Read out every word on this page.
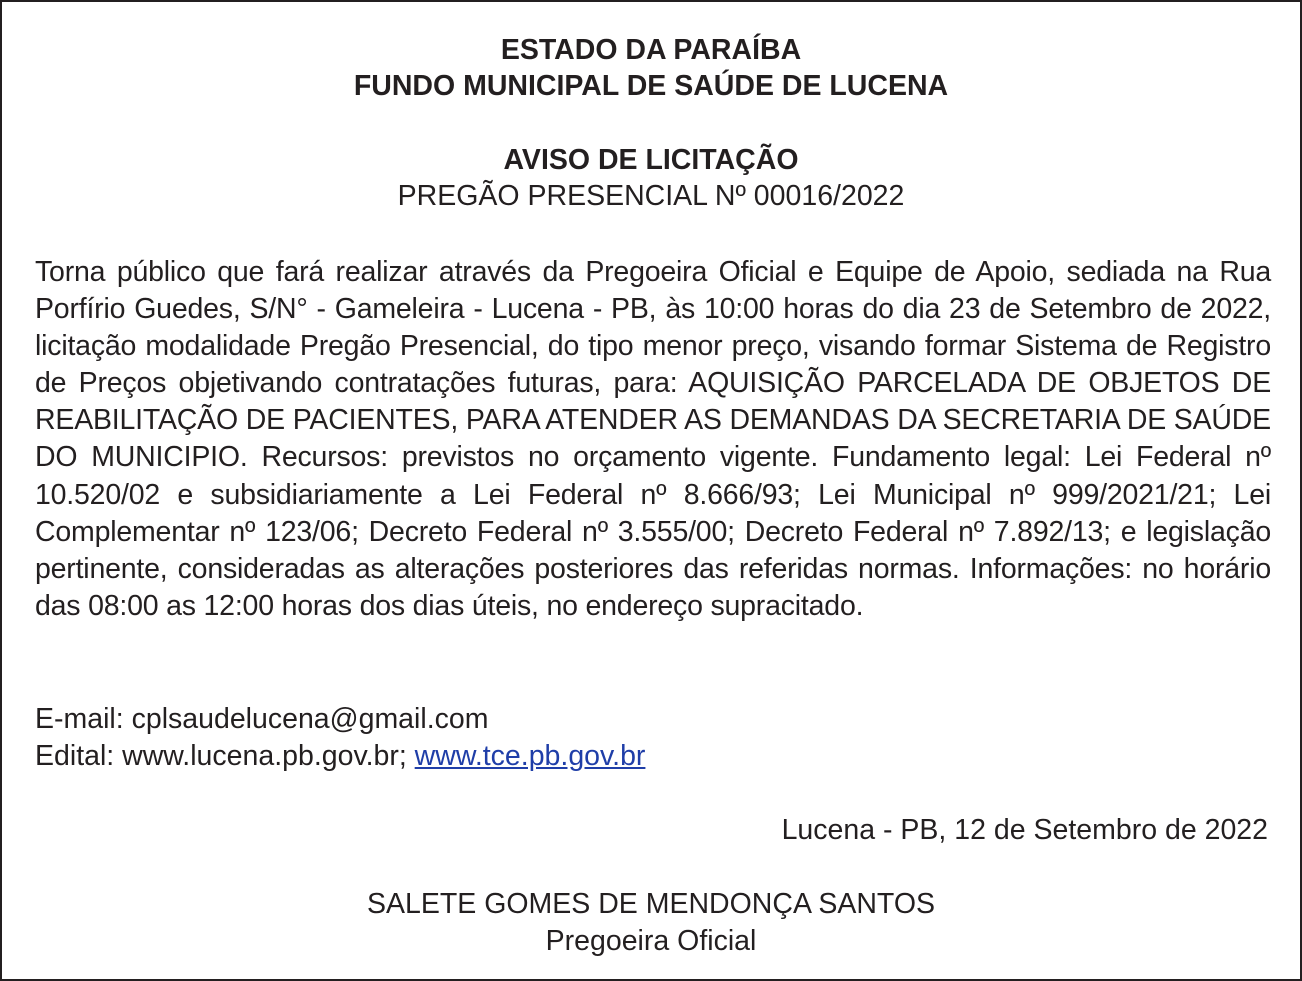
ESTADO DA PARAÍBA
FUNDO MUNICIPAL DE SAÚDE DE LUCENA
AVISO DE LICITAÇÃO
PREGÃO PRESENCIAL Nº 00016/2022

Torna público que fará realizar através da Pregoeira Oficial e Equipe de Apoio, sediada na Rua Porfírio Guedes, S/N° - Gameleira - Lucena - PB, às 10:00 horas do dia 23 de Setembro de 2022, licitação modalidade Pregão Presencial, do tipo menor preço, visando formar Sistema de Registro de Preços objetivando contratações futuras, para: AQUISIÇÃO PARCELADA DE OBJETOS DE REABILITAÇÃO DE PACIENTES, PARA ATENDER AS DEMANDAS DA SECRETARIA DE SAÚDE DO MUNICIPIO. Recursos: previstos no orçamento vigente. Fundamento legal: Lei Federal nº 10.520/02 e subsidiariamente a Lei Federal nº 8.666/93; Lei Municipal nº 999/2021/21; Lei Complementar nº 123/06; Decreto Federal nº 3.555/00; Decreto Federal nº 7.892/13; e legislação pertinente, consideradas as alterações posteriores das referidas normas. Informações: no horário das 08:00 as 12:00 horas dos dias úteis, no endereço supracitado.

E-mail: cplsaudelucena@gmail.com
Edital: www.lucena.pb.gov.br; www.tce.pb.gov.br
Lucena - PB, 12 de Setembro de 2022
SALETE GOMES DE MENDONÇA SANTOS
Pregoeira Oficial
